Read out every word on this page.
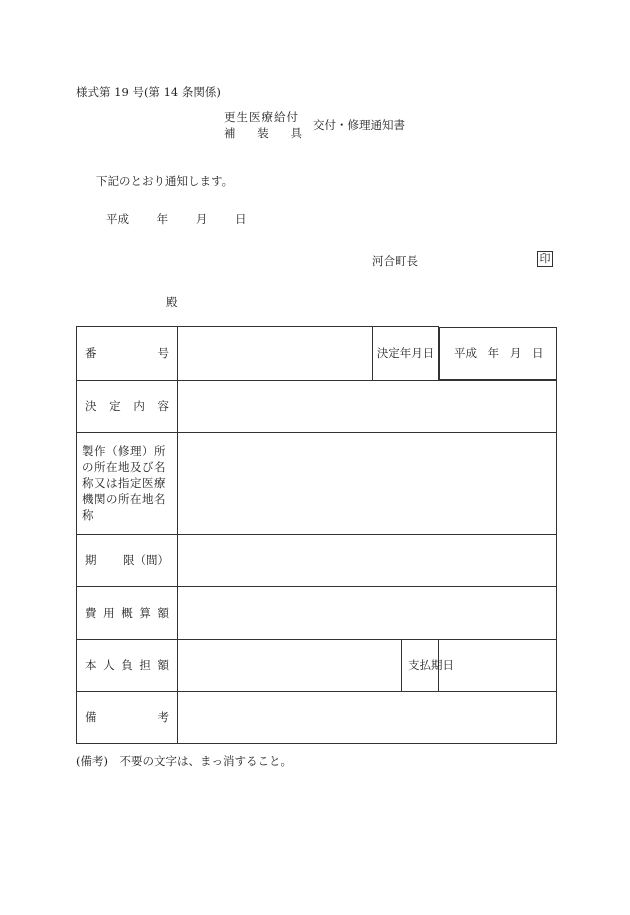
様式第 19 号(第 14 条関係)
更生医療給付
補 装 具
交付・修理通知書
下記のとおり通知します。
平成 年 月 日
河合町長	印
殿
番 号		決定年月日	平成 年 月 日

決 定 内 容				

製作（修理）所の所在地及び名称又は指定医療機関の所在地名称				

期 限（間）				

費 用 概 算 額				

本 人 負 担 額			支 払 期 日	

備 考				

(備考)　不要の文字は、まっ消すること。
